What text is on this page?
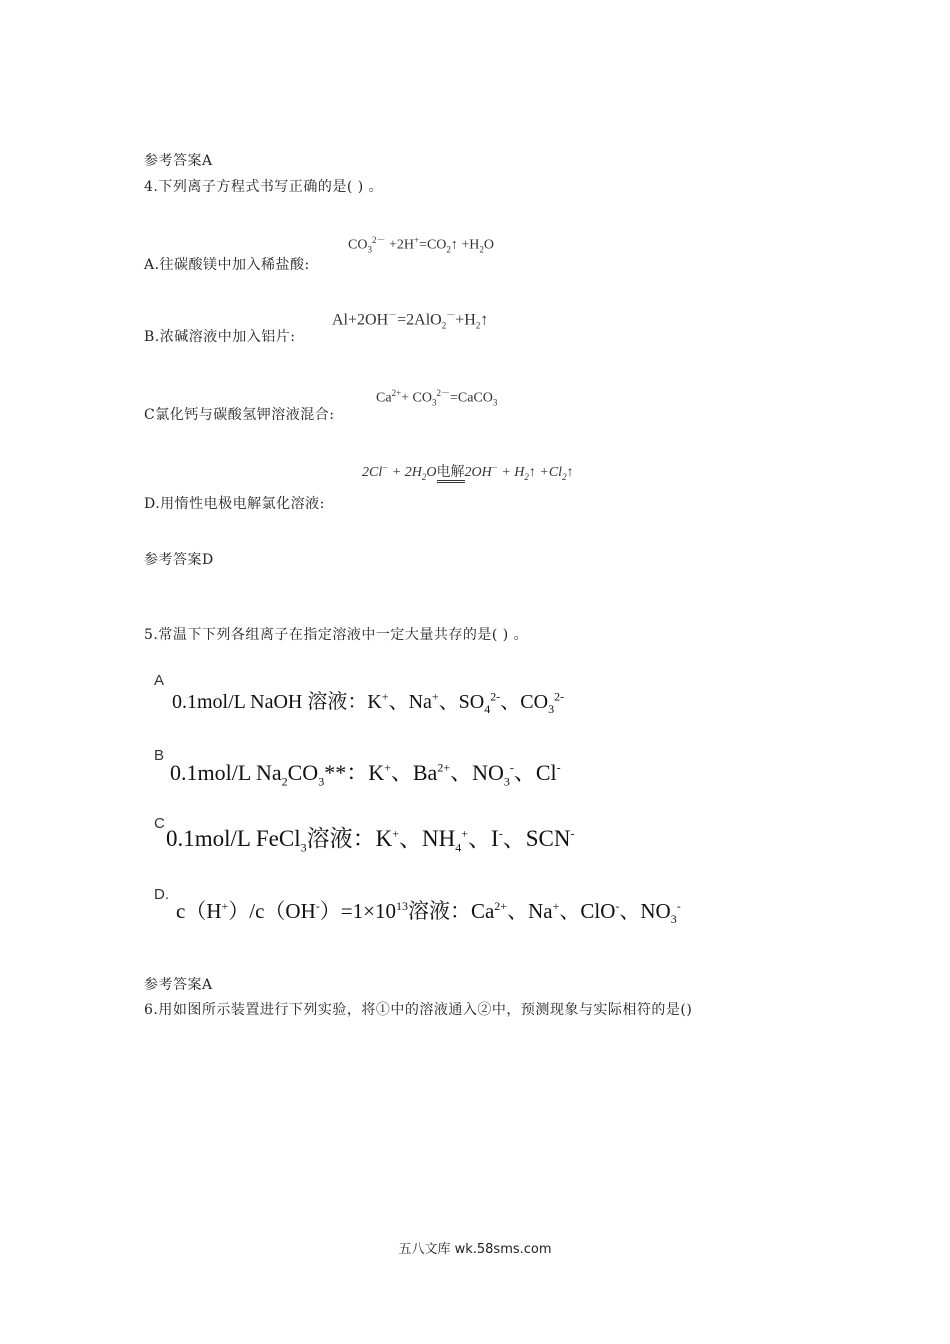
参考答案A
4.下列离子方程式书写正确的是( ) 。
$CO_3^{2-}$ $+2H^+=CO_2↑ +H_2O$
A.往碳酸镁中加入稀盐酸:
$Al+2OH^-=2AlO_2^-+H_2↑$
B.浓碱溶液中加入铝片:
$Ca^{2+}+$ $CO_3^{2-}=CaCO_3$
C氯化钙与碳酸氢钾溶液混合:
$2Cl^- + 2H_2O$电解$2OH^- + H_2↑$ $+Cl_2↑$
D.用惰性电极电解氯化溶液:
参考答案D
5.常温下下列各组离子在指定溶液中一定大量共存的是( ) 。
A
0.1mol/L NaOH 溶液：K+、Na+、$SO_4^{2-}$、$CO_3^{2-}$
B
0.1mol/L $Na_2CO_3**$：K+、$Ba^{2+}$、$NO_3^-$、Cl-
C
0.1mol/L FeCl$_3$溶液：K+、$NH_4^+$、I-、SCN-
D.
$c(H^+)/c(OH^-)=1\times 10^{13}$溶液：$Ca^{2+}$、Na+、ClO-、$NO_3^-$
参考答案A
6.用如图所示装置进行下列实验，将①中的溶液通入②中，预测现象与实际相符的是()
五八文库 wk.58sms.com
